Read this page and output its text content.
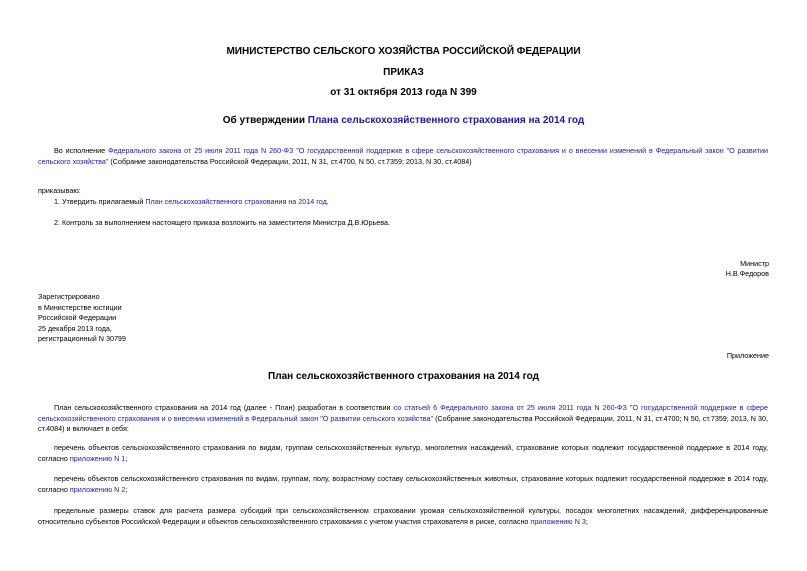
МИНИСТЕРСТВО СЕЛЬСКОГО ХОЗЯЙСТВА РОССИЙСКОЙ ФЕДЕРАЦИИ
ПРИКАЗ
от 31 октября 2013 года N 399
Об утверждении Плана сельскохозяйственного страхования на 2014 год
Во исполнение Федерального закона от 25 июля 2011 года N 260-ФЗ "О государственной поддержке в сфере сельскохозяйственного страхования и о внесении изменений в Федеральный закон "О развитии сельского хозяйства" (Собрание законодательства Российской Федерации, 2011, N 31, ст.4700, N 50, ст.7359; 2013, N 30, ст.4084)
приказываю:
1. Утвердить прилагаемый План сельскохозяйственного страхования на 2014 год.
2. Контроль за выполнением настоящего приказа возложить на заместителя Министра Д.В.Юрьева.
Министр
Н.В.Федоров
Зарегистрировано
в Министерстве юстиции
Российской Федерации
25 декабря 2013 года,
регистрационный N 30799
Приложение
План сельскохозяйственного страхования на 2014 год
План сельскохозяйственного страхования на 2014 год (далее - План) разработан в соответствии со статьей 6 Федерального закона от 25 июля 2011 года N 260-ФЗ "О государственной поддержке в сфере сельскохозяйственного страхования и о внесении изменений в Федеральный закон "О развитии сельского хозяйства" (Собрание законодательства Российской Федерации, 2011, N 31, ст.4700; N 50, ст.7359; 2013, N 30, ст.4084) и включает в себя:
перечень объектов сельскохозяйственного страхования по видам, группам сельскохозяйственных культур, многолетних насаждений, страхование которых подлежит государственной поддержке в 2014 году, согласно приложению N 1;
перечень объектов сельскохозяйственного страхования по видам, группам, полу, возрастному составу сельскохозяйственных животных, страхование которых подлежит государственной поддержке в 2014 году, согласно приложению N 2;
предельные размеры ставок для расчета размера субсидий при сельскохозяйственном страховании урожая сельскохозяйственной культуры, посадок многолетних насаждений, дифференцированные относительно субъектов Российской Федерации и объектов сельскохозяйственного страхования с учетом участия страхователя в риске, согласно приложению N 3;
